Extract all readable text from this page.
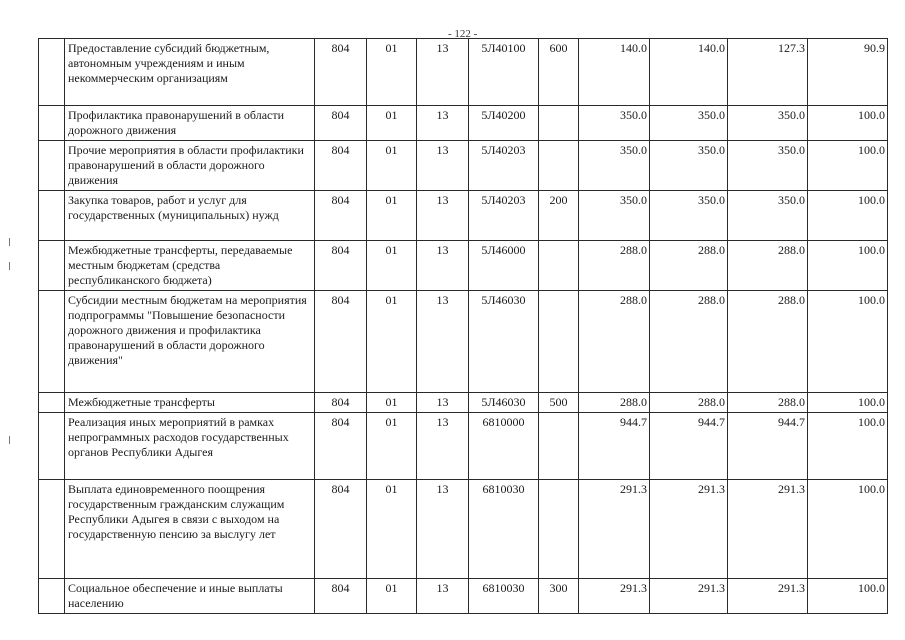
- 122 -
	Предоставление субсидий бюджетным, автономным учреждениям и иным некоммерческим организациям	804	01	13	5Л40100	600	140.0	140.0	127.3	90.9
	Профилактика правонарушений в области дорожного движения	804	01	13	5Л40200		350.0	350.0	350.0	100.0
	Прочие мероприятия в области профилактики правонарушений в области дорожного движения	804	01	13	5Л40203		350.0	350.0	350.0	100.0
	Закупка товаров, работ и услуг для государственных (муниципальных) нужд	804	01	13	5Л40203	200	350.0	350.0	350.0	100.0
	Межбюджетные трансферты, передаваемые местным бюджетам (средства республиканского бюджета)	804	01	13	5Л46000		288.0	288.0	288.0	100.0
	Субсидии местным бюджетам на мероприятия подпрограммы "Повышение безопасности дорожного движения и профилактика правонарушений в области дорожного движения"	804	01	13	5Л46030		288.0	288.0	288.0	100.0
	Межбюджетные трансферты	804	01	13	5Л46030	500	288.0	288.0	288.0	100.0
	Реализация иных мероприятий в рамках непрограммных расходов государственных органов Республики Адыгея	804	01	13	6810000		944.7	944.7	944.7	100.0
	Выплата единовременного поощрения государственным гражданским служащим Республики Адыгея в связи с выходом на государственную пенсию за выслугу лет	804	01	13	6810030		291.3	291.3	291.3	100.0
	Социальное обеспечение и иные выплаты населению	804	01	13	6810030	300	291.3	291.3	291.3	100.0
